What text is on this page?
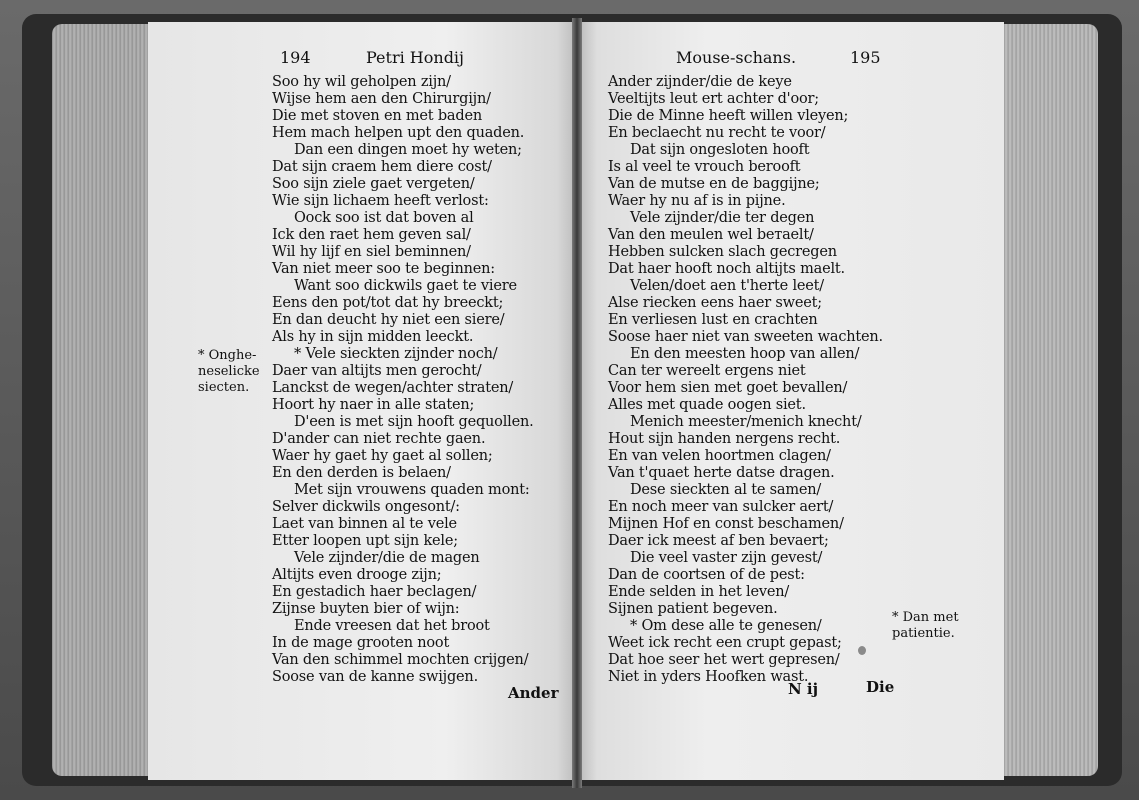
194	Petri Hondij	Mouse-schans.	195
Soo hy wil geholpen zijn/
Wijse hem aen den Chirurgijn/
Die met stoven en met baden
Hem mach helpen upt den quaden.
Dan een dingen moet hy weten;
Dat sijn craem hem diere cost/
Soo sijn ziele gaet vergeten/
Wie sijn lichaem heeft verlost:
Oock soo ist dat boven al
Ick den raet hem geven sal/
Wil hy lijf en siel beminnen/
Van niet meer soo te beginnen:
Want soo dickwils gaet te viere
Eens den pot/tot dat hy breeckt;
En dan deucht hy niet een siere/
Als hy in sijn midden leeckt.
* Vele sieckten zijnder noch/
Daer van altijts men gerocht/
Lanckst de wegen/achter straten/
Hoort hy naer in alle staten;
D'een is met sijn hooft gequollen.
D'ander can niet rechte gaen.
Waer hy gaet hy gaet al sollen;
En den derden is belaen/
Met sijn vrouwens quaden mont:
Selver dickwils ongesont/:
Laet van binnen al te vele
Etter loopen upt sijn kele;
Vele zijnder/die de magen
Altijts even drooge zijn;
En gestadich haer beclagen/
Zijnse buyten bier of wijn:
Ende vreesen dat het broot
In de mage grooten noot
Van den schimmel mochten crijgen/
Soose van de kanne swijgen.
Ander zijnder/die de keye
Veeltijts leut ert achter d'oor;
Die de Minne heeft willen vleyen;
En beclaecht nu recht te voor/
Dat sijn ongesloten hooft
Is al veel te vrouch berooft
Van de mutse en de baggijne;
Waer hy nu af is in pijne.
Vele zijnder/die ter degen
Van den meulen wel bетaelt/
Hebben sulcken slach gecregen
Dat haer hooft noch altijts maelt.
Velen/doet aen t'herte leet/
Alse riecken eens haer sweet;
En verliesen lust en crachten
Soose haer niet van sweeten wachten.
En den meesten hoop van allen/
Can ter wereelt ergens niet
Voor hem sien met goet bevallen/
Alles met quade oogen siet.
Menich meester/menich knecht/
Hout sijn handen nergens recht.
En van velen hoortmen clagen/
Van t'quaet herte datse dragen.
Dese sieckten al te samen/
En noch meer van sulcker aert/
Mijnen Hof en const beschamen/
Daer ick meest af ben bevaert;
Die veel vaster zijn gevest/
Dan de coortsen of de pest:
Ende selden in het leven/
Sijnen patient begeven.
* Om dese alle te genesen/
Weet ick recht een crupt gepast;
Dat hoe seer het wert gepresen/
Niet in yders Hoofken wast.
* Onghe-
neselicke
siecten.
* Dan met
patientie.
Ander	N ij	Die
